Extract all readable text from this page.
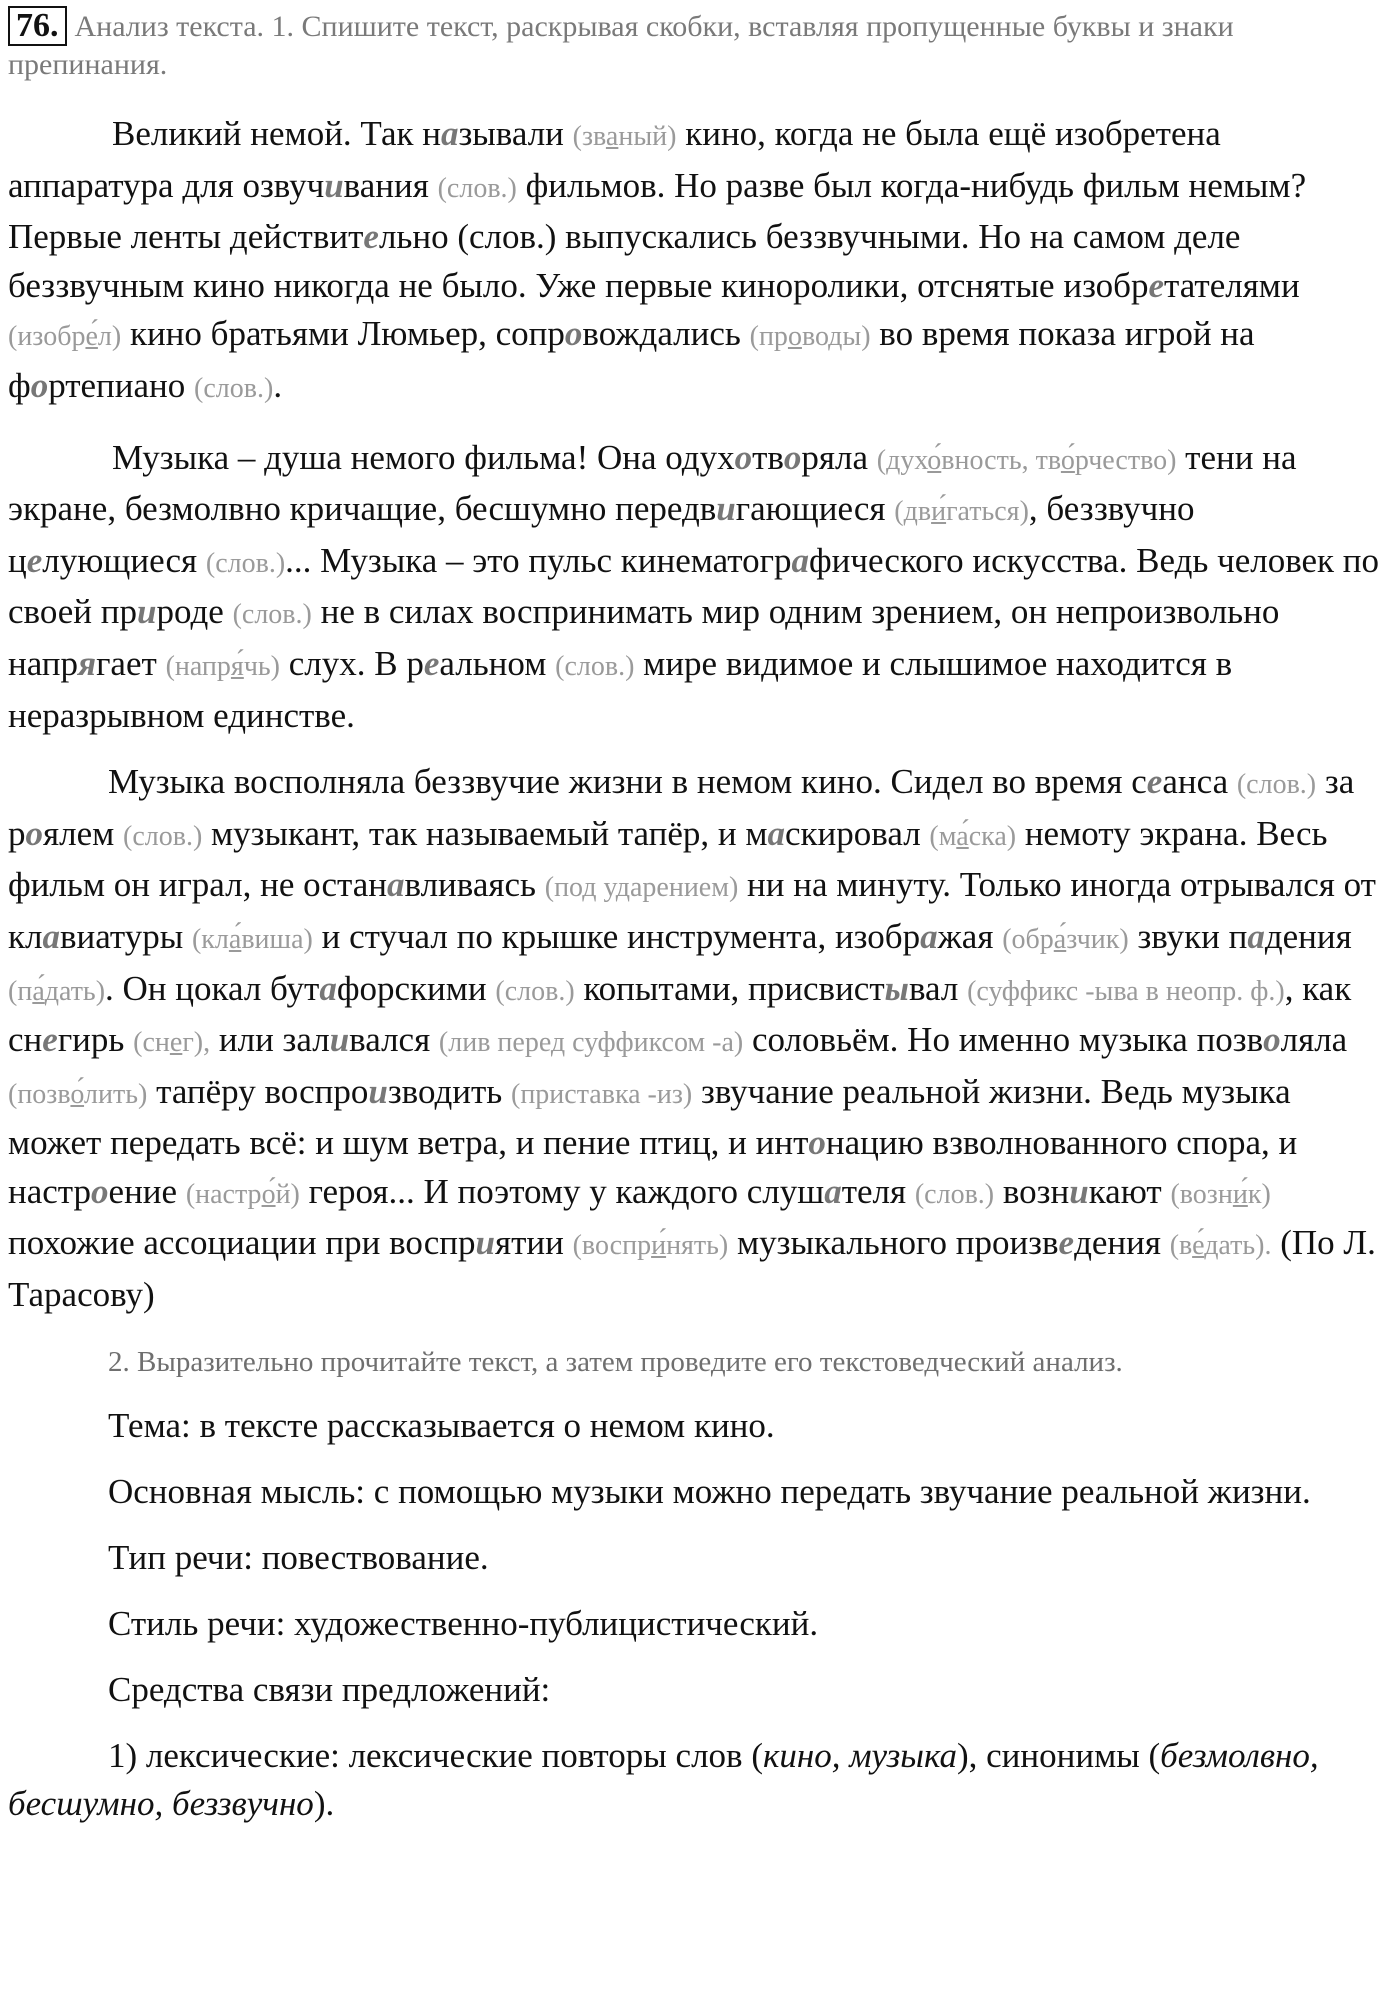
76. Анализ текста. 1. Спишите текст, раскрывая скобки, вставляя пропущенные буквы и знаки препинания.

Великий немой. Так называли (званый) кино, когда не была ещё изобретена аппаратура для озвучивания (слов.) фильмов. Но разве был когда-нибудь фильм немым? Первые ленты действительно (слов.) выпускались беззвучными. Но на самом деле беззвучным кино никогда не было. Уже первые киноролики, отснятые изобретателями (изобре́л) кино братьями Люмьер, сопровождались (проводы) во время показа игрой на фортепиано (слов.).

Музыка – душа немого фильма! Она одухотворяла (духо́вность, тво́рчество) тени на экране, безмолвно кричащие, бесшумно передвигающиеся (дви́гаться), беззвучно целующиеся (слов.)... Музыка – это пульс кинематографического искусства. Ведь человек по своей природе (слов.) не в силах воспринимать мир одним зрением, он непроизвольно напрягает (напря́чь) слух. В реальном (слов.) мире видимое и слышимое находится в неразрывном единстве.

Музыка восполняла беззвучие жизни в немом кино. Сидел во время сеанса (слов.) за роялем (слов.) музыкант, так называемый тапёр, и маскировал (ма́ска) немоту экрана. Весь фильм он играл, не останавливаясь (под ударением) ни на минуту. Только иногда отрывался от клавиатуры (кла́виша) и стучал по крышке инструмента, изображая (обра́зчик) звуки падения (па́дать). Он цокал бутафорскими (слов.) копытами, присвистывал (суффикс -ыва в неопр. ф.), как снегирь (снег), или заливался (лив перед суффиксом -а) соловьём. Но именно музыка позволяла (позво́лить) тапёру воспроизводить (приставка -из) звучание реальной жизни. Ведь музыка может передать всё: и шум ветра, и пение птиц, и интонацию взволнованного спора, и настроение (настро́й) героя... И поэтому у каждого слушателя (слов.) возникают (возни́к) похожие ассоциации при восприятии (воспри́нять) музыкального произведения (ве́дать). (По Л. Тарасову)

2. Выразительно прочитайте текст, а затем проведите его текстоведческий анализ.

Тема: в тексте рассказывается о немом кино.

Основная мысль: с помощью музыки можно передать звучание реальной жизни.

Тип речи: повествование.

Стиль речи: художественно-публицистический.

Средства связи предложений:

1) лексические: лексические повторы слов (кино, музыка), синонимы (безмолвно, бесшумно, беззвучно).
